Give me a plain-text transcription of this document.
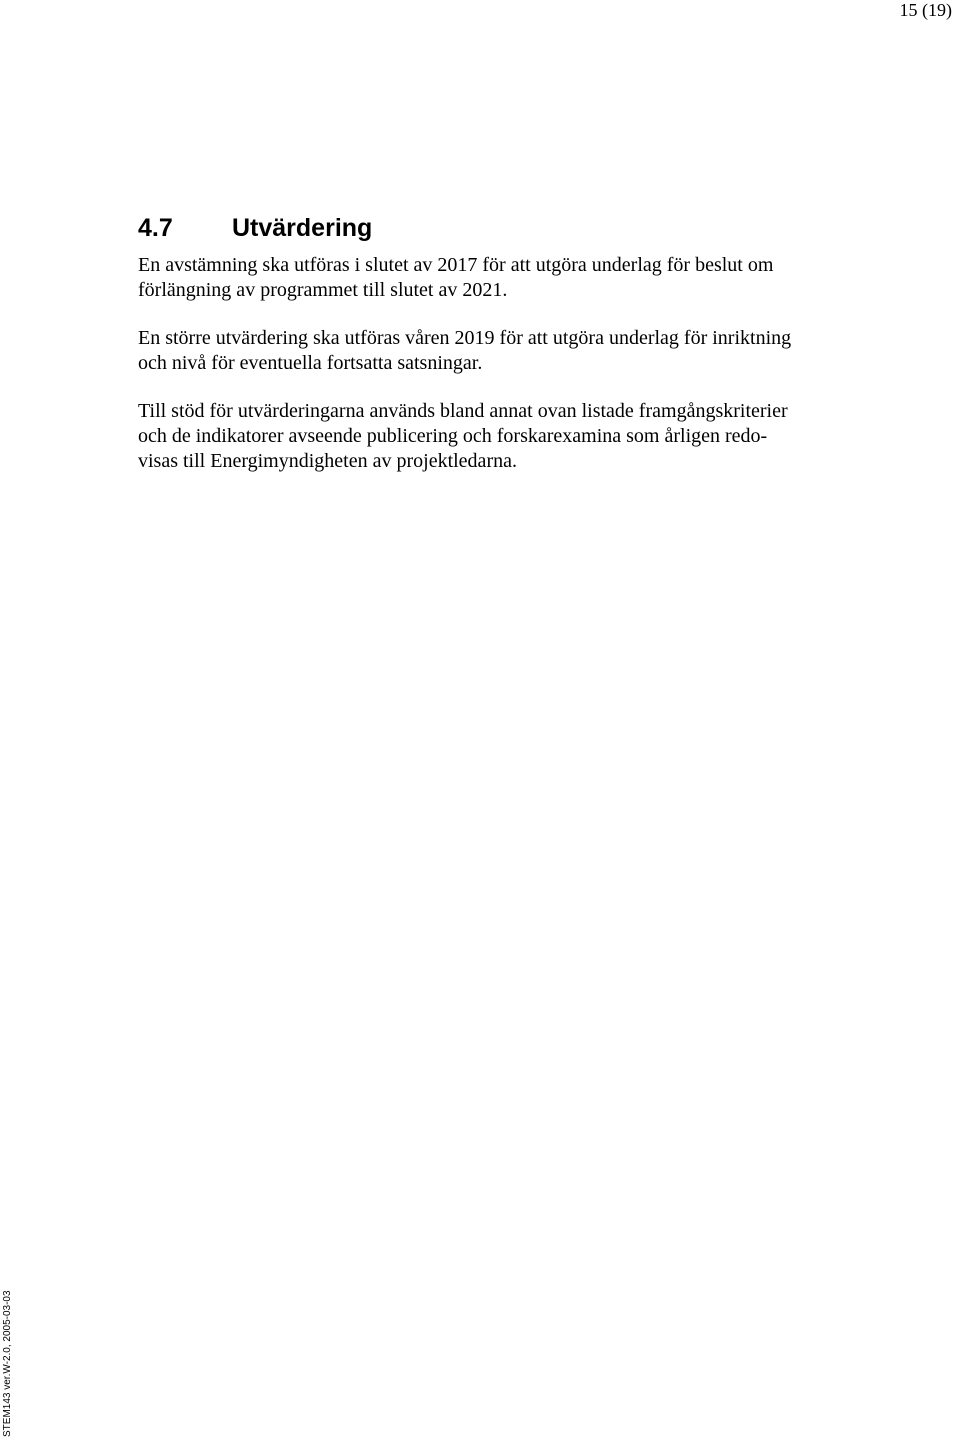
15 (19)
4.7 Utvärdering

En avstämning ska utföras i slutet av 2017 för att utgöra underlag för beslut om
förlängning av programmet till slutet av 2021.

En större utvärdering ska utföras våren 2019 för att utgöra underlag för inriktning
och nivå för eventuella fortsatta satsningar.

Till stöd för utvärderingarna används bland annat ovan listade framgångskriterier
och de indikatorer avseende publicering och forskarexamina som årligen redo-
visas till Energimyndigheten av projektledarna.

STEM143 ver.W-2.0, 2005-03-03
